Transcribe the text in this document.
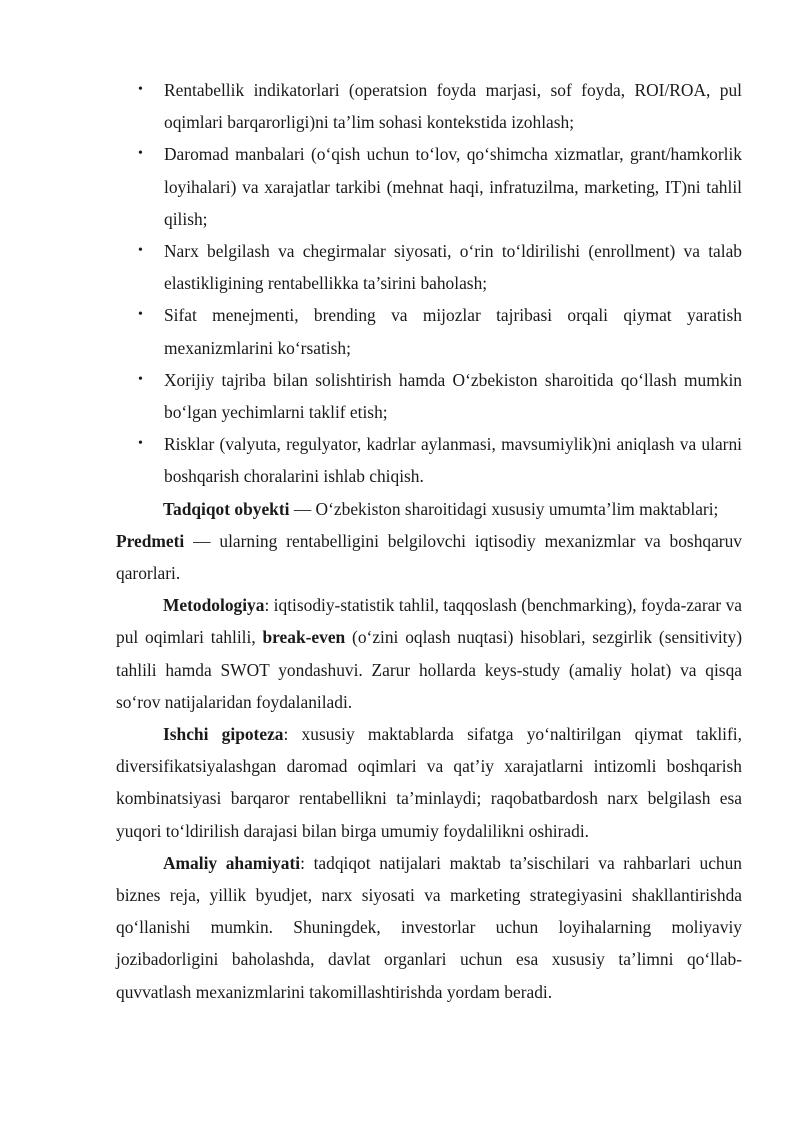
• Rentabellik indikatorlari (operatsion foyda marjasi, sof foyda, ROI/ROA, pul oqimlari barqarorligi)ni ta’lim sohasi kontekstida izohlash;
• Daromad manbalari (o‘qish uchun to‘lov, qo‘shimcha xizmatlar, grant/hamkorlik loyihalari) va xarajatlar tarkibi (mehnat haqi, infratuzilma, marketing, IT)ni tahlil qilish;
• Narx belgilash va chegirmalar siyosati, o‘rin to‘ldirilishi (enrollment) va talab elastikligining rentabellikka ta’sirini baholash;
• Sifat menejmenti, brending va mijozlar tajribasi orqali qiymat yaratish mexanizmlarini ko‘rsatish;
• Xorijiy tajriba bilan solishtirish hamda O‘zbekiston sharoitida qo‘llash mumkin bo‘lgan yechimlarni taklif etish;
• Risklar (valyuta, regulyator, kadrlar aylanmasi, mavsumiylik)ni aniqlash va ularni boshqarish choralarini ishlab chiqish.

Tadqiqot obyekti — O‘zbekiston sharoitidagi xususiy umumta’lim maktablari;

Predmeti — ularning rentabelligini belgilovchi iqtisodiy mexanizmlar va boshqaruv qarorlari.

Metodologiya: iqtisodiy-statistik tahlil, taqqoslash (benchmarking), foyda-zarar va pul oqimlari tahlili, break-even (o‘zini oqlash nuqtasi) hisoblari, sezgirlik (sensitivity) tahlili hamda SWOT yondashuvi. Zarur hollarda keys-study (amaliy holat) va qisqa so‘rov natijalaridan foydalaniladi.

Ishchi gipoteza: xususiy maktablarda sifatga yo‘naltirilgan qiymat taklifi, diversifikatsiyalashgan daromad oqimlari va qat’iy xarajatlarni intizomli boshqarish kombinatsiyasi barqaror rentabellikni ta’minlaydi; raqobatbardosh narx belgilash esa yuqori to‘ldirilish darajasi bilan birga umumiy foydalilikni oshiradi.

Amaliy ahamiyati: tadqiqot natijalari maktab ta’sischilari va rahbarlari uchun biznes reja, yillik byudjet, narx siyosati va marketing strategiyasini shakllantirishda qo‘llanishi mumkin. Shuningdek, investorlar uchun loyihalarning moliyaviy jozibadorligini baholashda, davlat organlari uchun esa xususiy ta’limni qo‘llab-quvvatlash mexanizmlarini takomillashtirishda yordam beradi.
